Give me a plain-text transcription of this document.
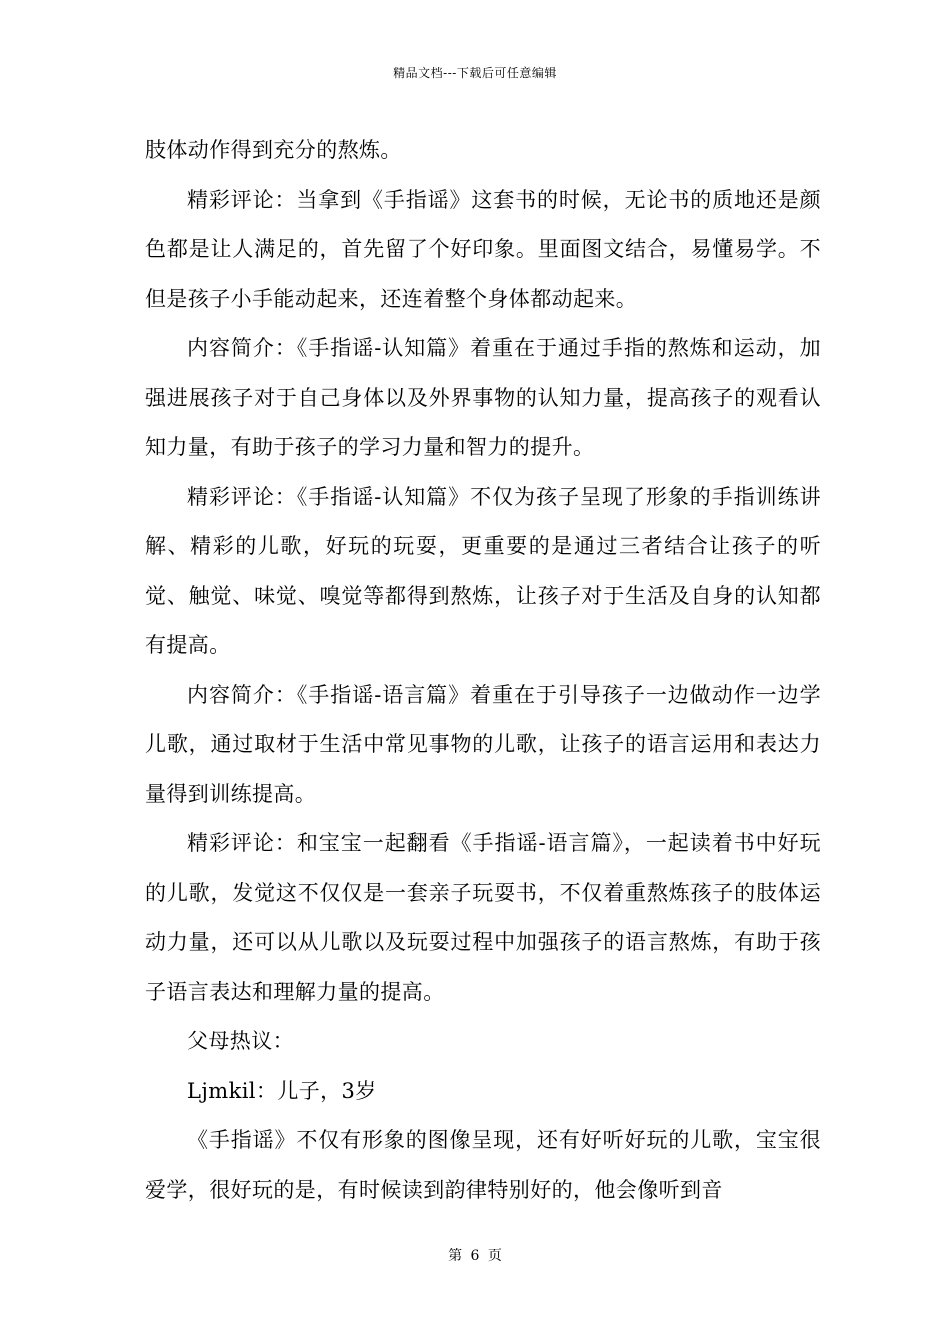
精品文档---下载后可任意编辑

肢体动作得到充分的熬炼。

精彩评论：当拿到《手指谣》这套书的时候，无论书的质地还是颜色都是让人满足的，首先留了个好印象。里面图文结合，易懂易学。不但是孩子小手能动起来，还连着整个身体都动起来。

内容简介：《手指谣-认知篇》着重在于通过手指的熬炼和运动，加强进展孩子对于自己身体以及外界事物的认知力量，提高孩子的观看认知力量，有助于孩子的学习力量和智力的提升。

精彩评论：《手指谣-认知篇》不仅为孩子呈现了形象的手指训练讲解、精彩的儿歌，好玩的玩耍，更重要的是通过三者结合让孩子的听觉、触觉、味觉、嗅觉等都得到熬炼，让孩子对于生活及自身的认知都有提高。

内容简介：《手指谣-语言篇》着重在于引导孩子一边做动作一边学儿歌，通过取材于生活中常见事物的儿歌，让孩子的语言运用和表达力量得到训练提高。

精彩评论：和宝宝一起翻看《手指谣-语言篇》，一起读着书中好玩的儿歌，发觉这不仅仅是一套亲子玩耍书，不仅着重熬炼孩子的肢体运动力量，还可以从儿歌以及玩耍过程中加强孩子的语言熬炼，有助于孩子语言表达和理解力量的提高。

父母热议：

Ljmkil：儿子，3岁

《手指谣》不仅有形象的图像呈现，还有好听好玩的儿歌，宝宝很爱学，很好玩的是，有时候读到韵律特别好的，他会像听到音

第 6 页
